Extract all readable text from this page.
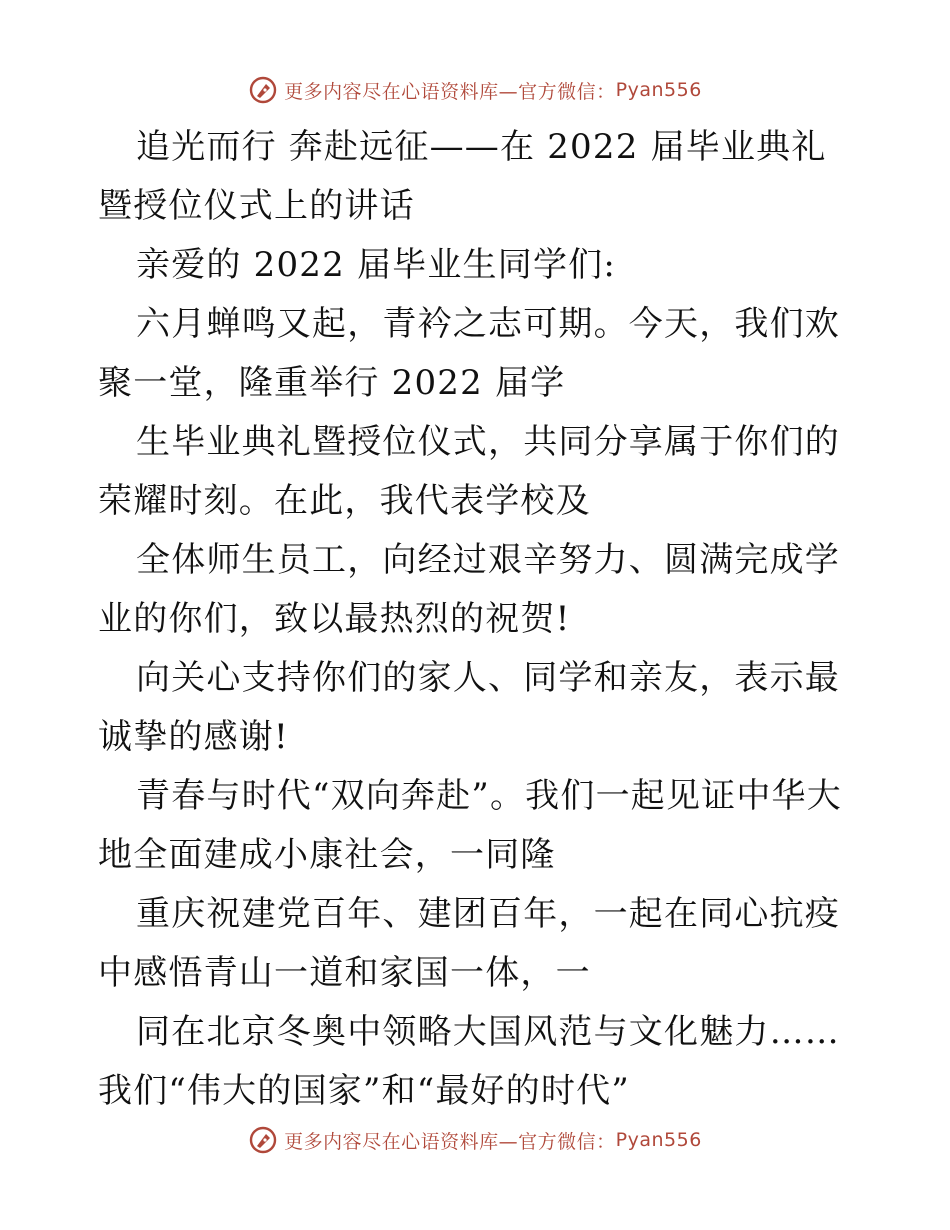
更多内容尽在心语资料库—官方微信： Pyan556

追光而行 奔赴远征——在 2022 届毕业典礼暨授位仪式上的讲话

亲爱的 2022 届毕业生同学们:

六月蝉鸣又起，青衿之志可期。今天，我们欢聚一堂，隆重举行 2022 届学

生毕业典礼暨授位仪式，共同分享属于你们的荣耀时刻。在此，我代表学校及

全体师生员工，向经过艰辛努力、圆满完成学业的你们，致以最热烈的祝贺!

向关心支持你们的家人、同学和亲友，表示最诚挚的感谢!

青春与时代“双向奔赴”。我们一起见证中华大地全面建成小康社会，一同隆

重庆祝建党百年、建团百年，一起在同心抗疫中感悟青山一道和家国一体，一

同在北京冬奥中领略大国风范与文化魅力……我们“伟大的国家”和“最好的时代”

更多内容尽在心语资料库—官方微信： Pyan556
